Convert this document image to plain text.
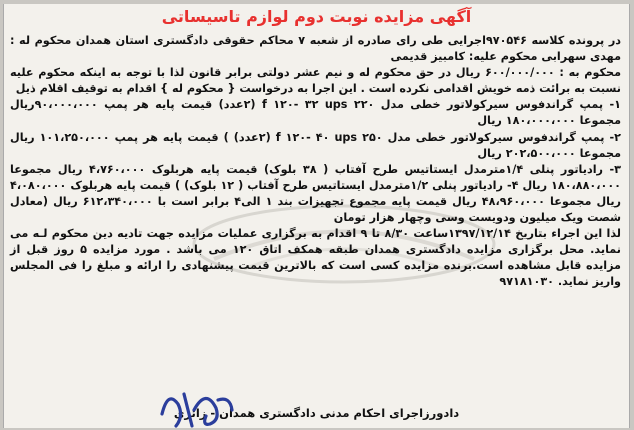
آگهی مزایده نوبت دوم لوازم تاسیساتی

در پرونده کلاسه ۹۷۰۵۴۶اجرایی طی رای صادره از شعبه ۷ محاکم حقوقی دادگستری استان همدان محکوم له : مهدی سهرابی محکوم علیه: کامبیز قدیمی

محکوم به : ۶۰۰/۰۰۰/۰۰۰ ریال در حق محکوم له و نیم عشر دولتی برابر قانون لذا با توجه به اینکه محکوم علیه نسبت به برائت ذمه خویش اقدامی نکرده است . این اجرا به درخواست { محکوم له } اقدام به توقیف اقلام ذیل

۱- پمپ گراندفوس سیرکولاتور خطی مدل ۲۲۰ f ۱۲۰- ۳۲ ups (۲عدد) قیمت پایه هر پمپ ۹۰،۰۰۰،۰۰۰ریال مجموعا ۱۸۰،۰۰۰،۰۰۰ ریال

۲- پمپ گراندفوس سیرکولاتور خطی مدل ۲۵۰ f ۱۲۰- ۴۰ ups (۲عدد) ) قیمت پایه هر پمپ ۱۰۱،۲۵۰،۰۰۰ ریال مجموعا ۲۰۲،۵۰۰،۰۰۰ ریال

۳- رادیاتور پنلی ۱/۴مترمدل ایستاتیس طرح آفتاب ( ۳۸ بلوک) قیمت پایه هربلوک ۴،۷۶۰،۰۰۰ ریال مجموعا ۱۸۰،۸۸۰،۰۰۰ ریال ۴- رادیاتور پنلی ۱/۲مترمدل ایستاتیس طرح آفتاب ( ۱۲ بلوک) ) قیمت پایه هربلوک ۴،۰۸۰،۰۰۰ ریال مجموعا ۴۸،۹۶۰،۰۰۰ ریال قیمت پایه مجموع تجهیزات بند ۱ الی۴ برابر است با ۶۱۲،۳۴۰،۰۰۰ ریال (معادل شصت ویک میلیون ودویست وسی وچهار هزار تومان

لذا این اجراء بتاریخ ۱۳۹۷/۱۲/۱۴ساعت ۸/۳۰ تا ۹ اقدام به برگزاری عملیات مزایده جهت تادیه دین محکوم لـه می نماید. محل برگزاری مزایده دادگستری همدان طبقه همکف اتاق ۱۲۰ می باشد . مورد مزایده ۵ روز قبل از مزایده قابل مشاهده است.برنده مزایده کسی است که بالاترین قیمت پیشنهادی را ارائه و مبلغ را فی المجلس واریز نماید. ۹۷۱۸۱۰۳۰

دادورزاجرای احکام مدنی دادگستری همدان - زائری
